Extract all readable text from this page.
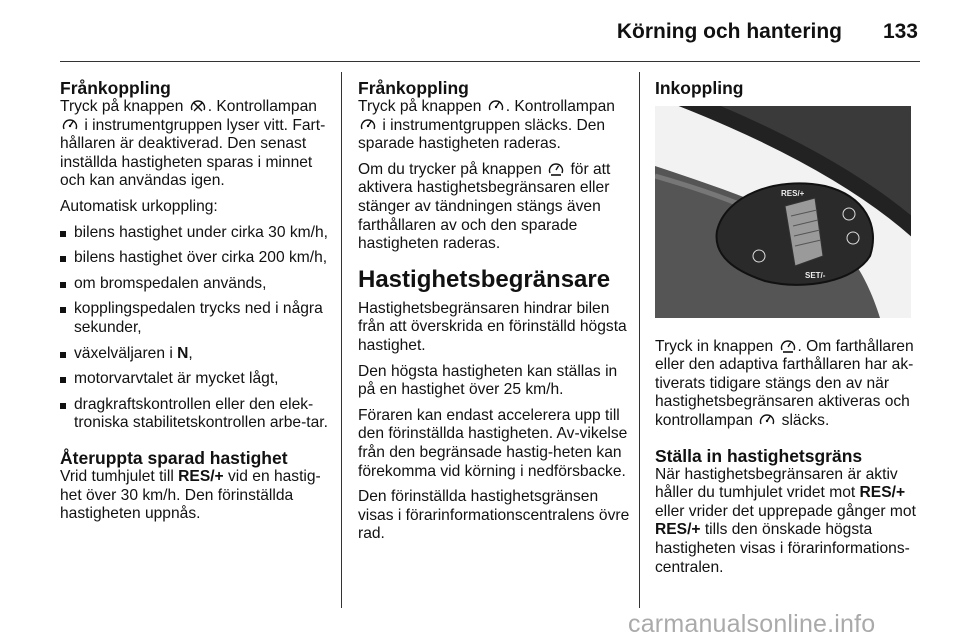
Körning och hantering 133
Frånkoppling

Tryck på knappen . Kontrollampan  i instrumentgruppen lyser vitt. Fart-hållaren är deaktiverad. Den senast inställda hastigheten sparas i minnet och kan användas igen.

Automatisk urkoppling:

bilens hastighet under cirka 30 km/h,
bilens hastighet över cirka 200 km/h,
om bromspedalen används,
kopplingspedalen trycks ned i några sekunder,
växelväljaren i N,
motorvarvtalet är mycket lågt,
dragkraftskontrollen eller den elek-troniska stabilitetskontrollen arbe-tar.
Återuppta sparad hastighet

Vrid tumhjulet till RES/+ vid en hastig-het över 30 km/h. Den förinställda hastigheten uppnås.

Frånkoppling

Tryck på knappen . Kontrollampan  i instrumentgruppen släcks. Den sparade hastigheten raderas.

Om du trycker på knappen för att aktivera hastighetsbegränsaren eller stänger av tändningen stängs även farthållaren av och den sparade hastigheten raderas.

Hastighetsbegränsare

Hastighetsbegränsaren hindrar bilen från att överskrida en förinställd högsta hastighet.

Den högsta hastigheten kan ställas in på en hastighet över 25 km/h.

Föraren kan endast accelerera upp till den förinställda hastigheten. Av-vikelse från den begränsade hastig-heten kan förekomma vid körning i nedförsbacke.

Den förinställda hastighetsgränsen visas i förarinformationscentralens övre rad.

Inkoppling
RES/+
SET/-

Tryck in knappen . Om farthållaren eller den adaptiva farthållaren har ak-tiverats tidigare stängs den av när hastighetsbegränsaren aktiveras och kontrollampan släcks.

Ställa in hastighetsgräns

När hastighetsbegränsaren är aktiv håller du tumhjulet vridet mot RES/+ eller vrider det upprepade gånger mot RES/+ tills den önskade högsta hastigheten visas i förarinformations-centralen.

carmanualsonline.info
